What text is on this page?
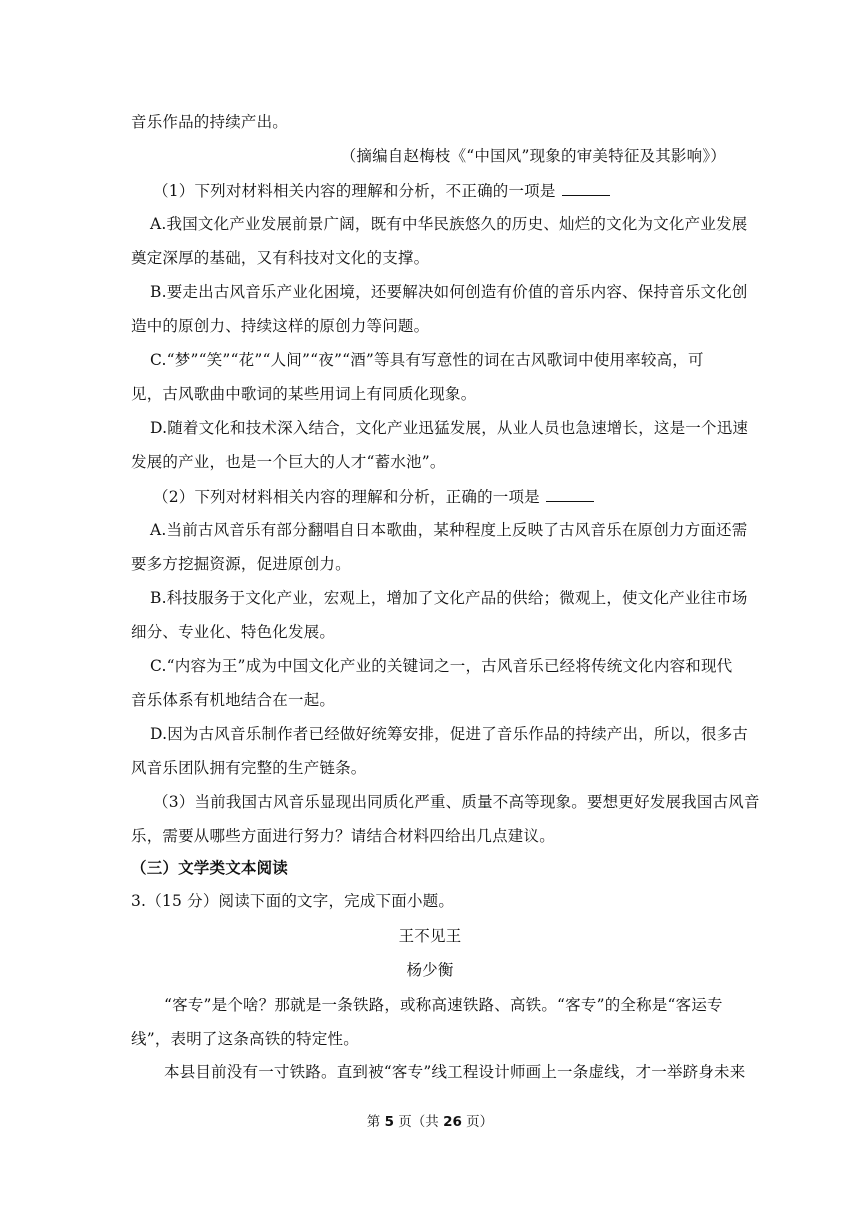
音乐作品的持续产出。
（摘编自赵梅枝《“中国风”现象的审美特征及其影响》）
（1）下列对材料相关内容的理解和分析，不正确的一项是
A.我国文化产业发展前景广阔，既有中华民族悠久的历史、灿烂的文化为文化产业发展
奠定深厚的基础，又有科技对文化的支撑。
B.要走出古风音乐产业化困境，还要解决如何创造有价值的音乐内容、保持音乐文化创
造中的原创力、持续这样的原创力等问题。
C.“梦”“笑”“花”“人间”“夜”“酒”等具有写意性的词在古风歌词中使用率较高，可
见，古风歌曲中歌词的某些用词上有同质化现象。
D.随着文化和技术深入结合，文化产业迅猛发展，从业人员也急速增长，这是一个迅速
发展的产业，也是一个巨大的人才“蓄水池”。
（2）下列对材料相关内容的理解和分析，正确的一项是
A.当前古风音乐有部分翻唱自日本歌曲，某种程度上反映了古风音乐在原创力方面还需
要多方挖掘资源，促进原创力。
B.科技服务于文化产业，宏观上，增加了文化产品的供给；微观上，使文化产业往市场
细分、专业化、特色化发展。
C.“内容为王”成为中国文化产业的关键词之一，古风音乐已经将传统文化内容和现代
音乐体系有机地结合在一起。
D.因为古风音乐制作者已经做好统筹安排，促进了音乐作品的持续产出，所以，很多古
风音乐团队拥有完整的生产链条。
（3）当前我国古风音乐显现出同质化严重、质量不高等现象。要想更好发展我国古风音
乐，需要从哪些方面进行努力？请结合材料四给出几点建议。
（三）文学类文本阅读
3.（15 分）阅读下面的文字，完成下面小题。
王不见王
杨少衡
“客专”是个啥？那就是一条铁路，或称高速铁路、高铁。“客专”的全称是“客运专
线”，表明了这条高铁的特定性。
本县目前没有一寸铁路。直到被“客专”线工程设计师画上一条虚线，才一举跻身未来
第 5 页（共 26 页）
